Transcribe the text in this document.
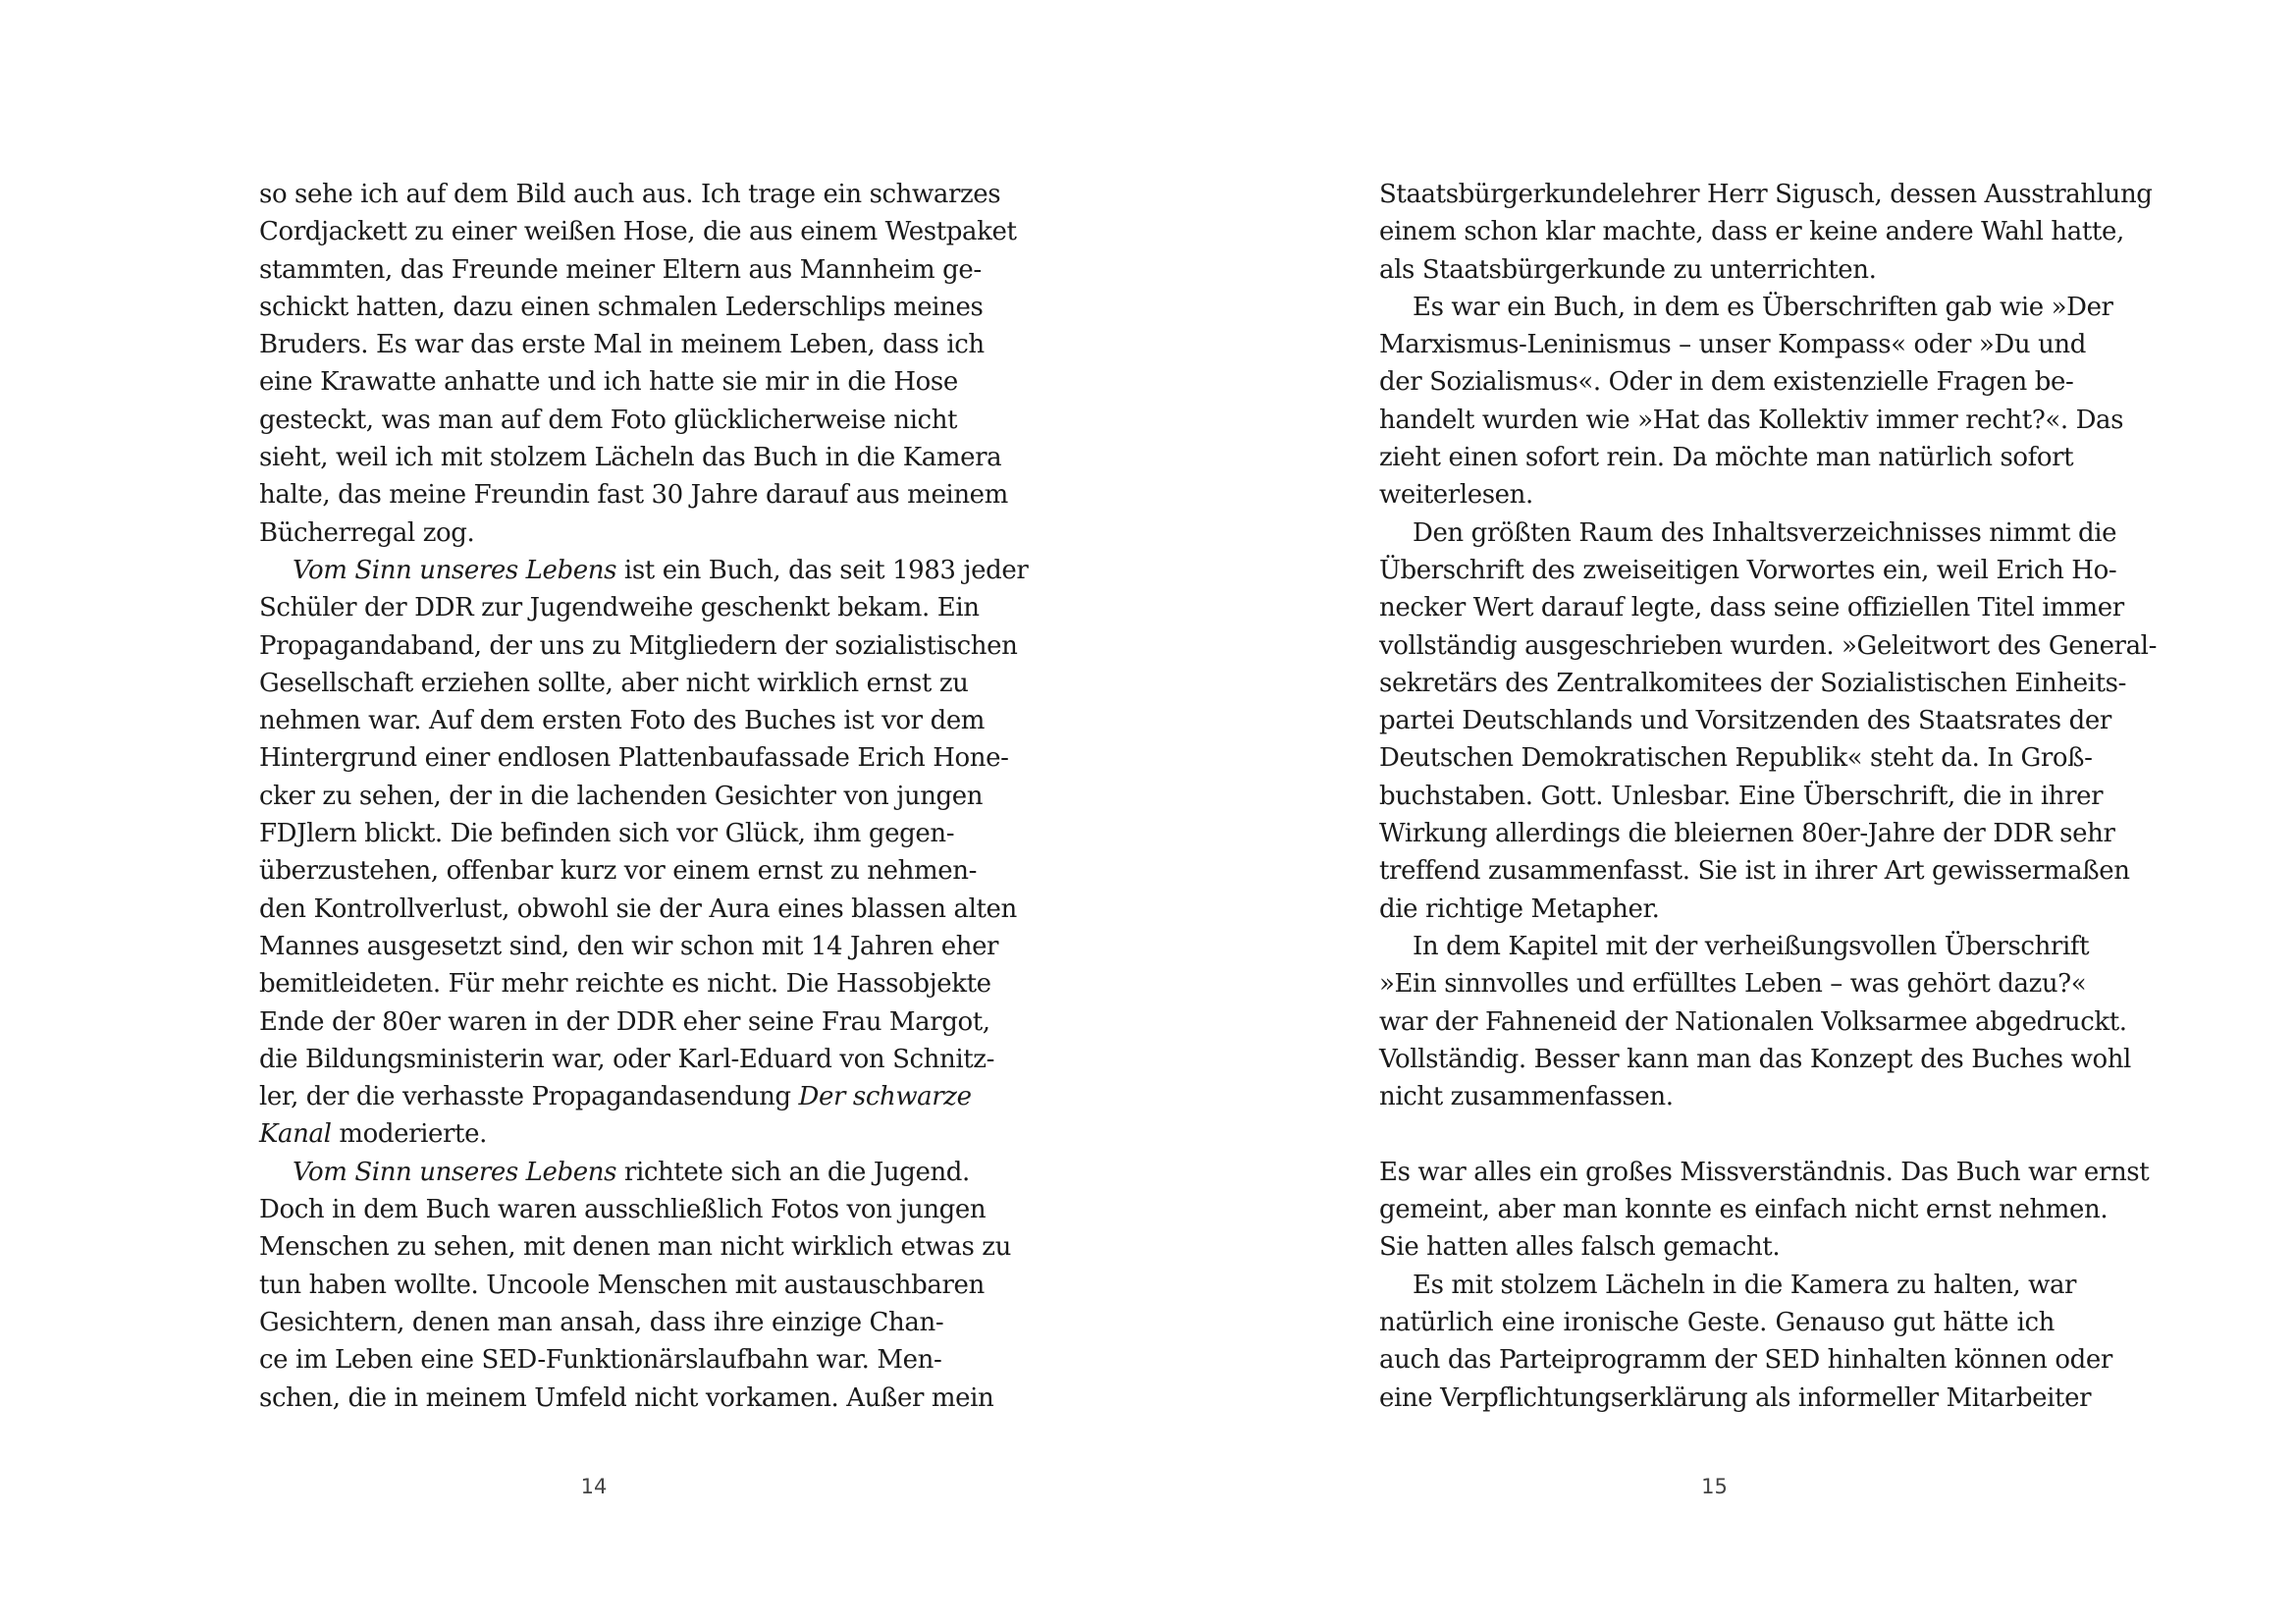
so sehe ich auf dem Bild auch aus. Ich trage ein schwarzes
Cordjackett zu einer weißen Hose, die aus einem Westpaket
stammten, das Freunde meiner Eltern aus Mannheim ge-
schickt hatten, dazu einen schmalen Lederschlips meines
Bruders. Es war das erste Mal in meinem Leben, dass ich
eine Krawatte anhatte und ich hatte sie mir in die Hose
gesteckt, was man auf dem Foto glücklicherweise nicht
sieht, weil ich mit stolzem Lächeln das Buch in die Kamera
halte, das meine Freundin fast 30 Jahre darauf aus meinem
Bücherregal zog.
Vom Sinn unseres Lebens ist ein Buch, das seit 1983 jeder
Schüler der DDR zur Jugendweihe geschenkt bekam. Ein
Propagandaband, der uns zu Mitgliedern der sozialistischen
Gesellschaft erziehen sollte, aber nicht wirklich ernst zu
nehmen war. Auf dem ersten Foto des Buches ist vor dem
Hintergrund einer endlosen Plattenbaufassade Erich Hone-
cker zu sehen, der in die lachenden Gesichter von jungen
FDJlern blickt. Die befinden sich vor Glück, ihm gegen-
überzustehen, offenbar kurz vor einem ernst zu nehmen-
den Kontrollverlust, obwohl sie der Aura eines blassen alten
Mannes ausgesetzt sind, den wir schon mit 14 Jahren eher
bemitleideten. Für mehr reichte es nicht. Die Hassobjekte
Ende der 80er waren in der DDR eher seine Frau Margot,
die Bildungsministerin war, oder Karl-Eduard von Schnitz-
ler, der die verhasste Propagandasendung Der schwarze
Kanal moderierte.
Vom Sinn unseres Lebens richtete sich an die Jugend.
Doch in dem Buch waren ausschließlich Fotos von jungen
Menschen zu sehen, mit denen man nicht wirklich etwas zu
tun haben wollte. Uncoole Menschen mit austauschbaren
Gesichtern, denen man ansah, dass ihre einzige Chan-
ce im Leben eine SED-Funktionärslaufbahn war. Men-
schen, die in meinem Umfeld nicht vorkamen. Außer mein
14
Staatsbürgerkundelehrer Herr Sigusch, dessen Ausstrahlung
einem schon klar machte, dass er keine andere Wahl hatte,
als Staatsbürgerkunde zu unterrichten.
Es war ein Buch, in dem es Überschriften gab wie »Der
Marxismus-Leninismus – unser Kompass« oder »Du und
der Sozialismus«. Oder in dem existenzielle Fragen be-
handelt wurden wie »Hat das Kollektiv immer recht?«. Das
zieht einen sofort rein. Da möchte man natürlich sofort
weiterlesen.
Den größten Raum des Inhaltsverzeichnisses nimmt die
Überschrift des zweiseitigen Vorwortes ein, weil Erich Ho-
necker Wert darauf legte, dass seine offiziellen Titel immer
vollständig ausgeschrieben wurden. »Geleitwort des General-
sekretärs des Zentralkomitees der Sozialistischen Einheits-
partei Deutschlands und Vorsitzenden des Staatsrates der
Deutschen Demokratischen Republik« steht da. In Groß-
buchstaben. Gott. Unlesbar. Eine Überschrift, die in ihrer
Wirkung allerdings die bleiernen 80er-Jahre der DDR sehr
treffend zusammenfasst. Sie ist in ihrer Art gewissermaßen
die richtige Metapher.
In dem Kapitel mit der verheißungsvollen Überschrift
»Ein sinnvolles und erfülltes Leben – was gehört dazu?«
war der Fahneneid der Nationalen Volksarmee abgedruckt.
Vollständig. Besser kann man das Konzept des Buches wohl
nicht zusammenfassen.
Es war alles ein großes Missverständnis. Das Buch war ernst
gemeint, aber man konnte es einfach nicht ernst nehmen.
Sie hatten alles falsch gemacht.
Es mit stolzem Lächeln in die Kamera zu halten, war
natürlich eine ironische Geste. Genauso gut hätte ich
auch das Parteiprogramm der SED hinhalten können oder
eine Verpflichtungserklärung als informeller Mitarbeiter
15
